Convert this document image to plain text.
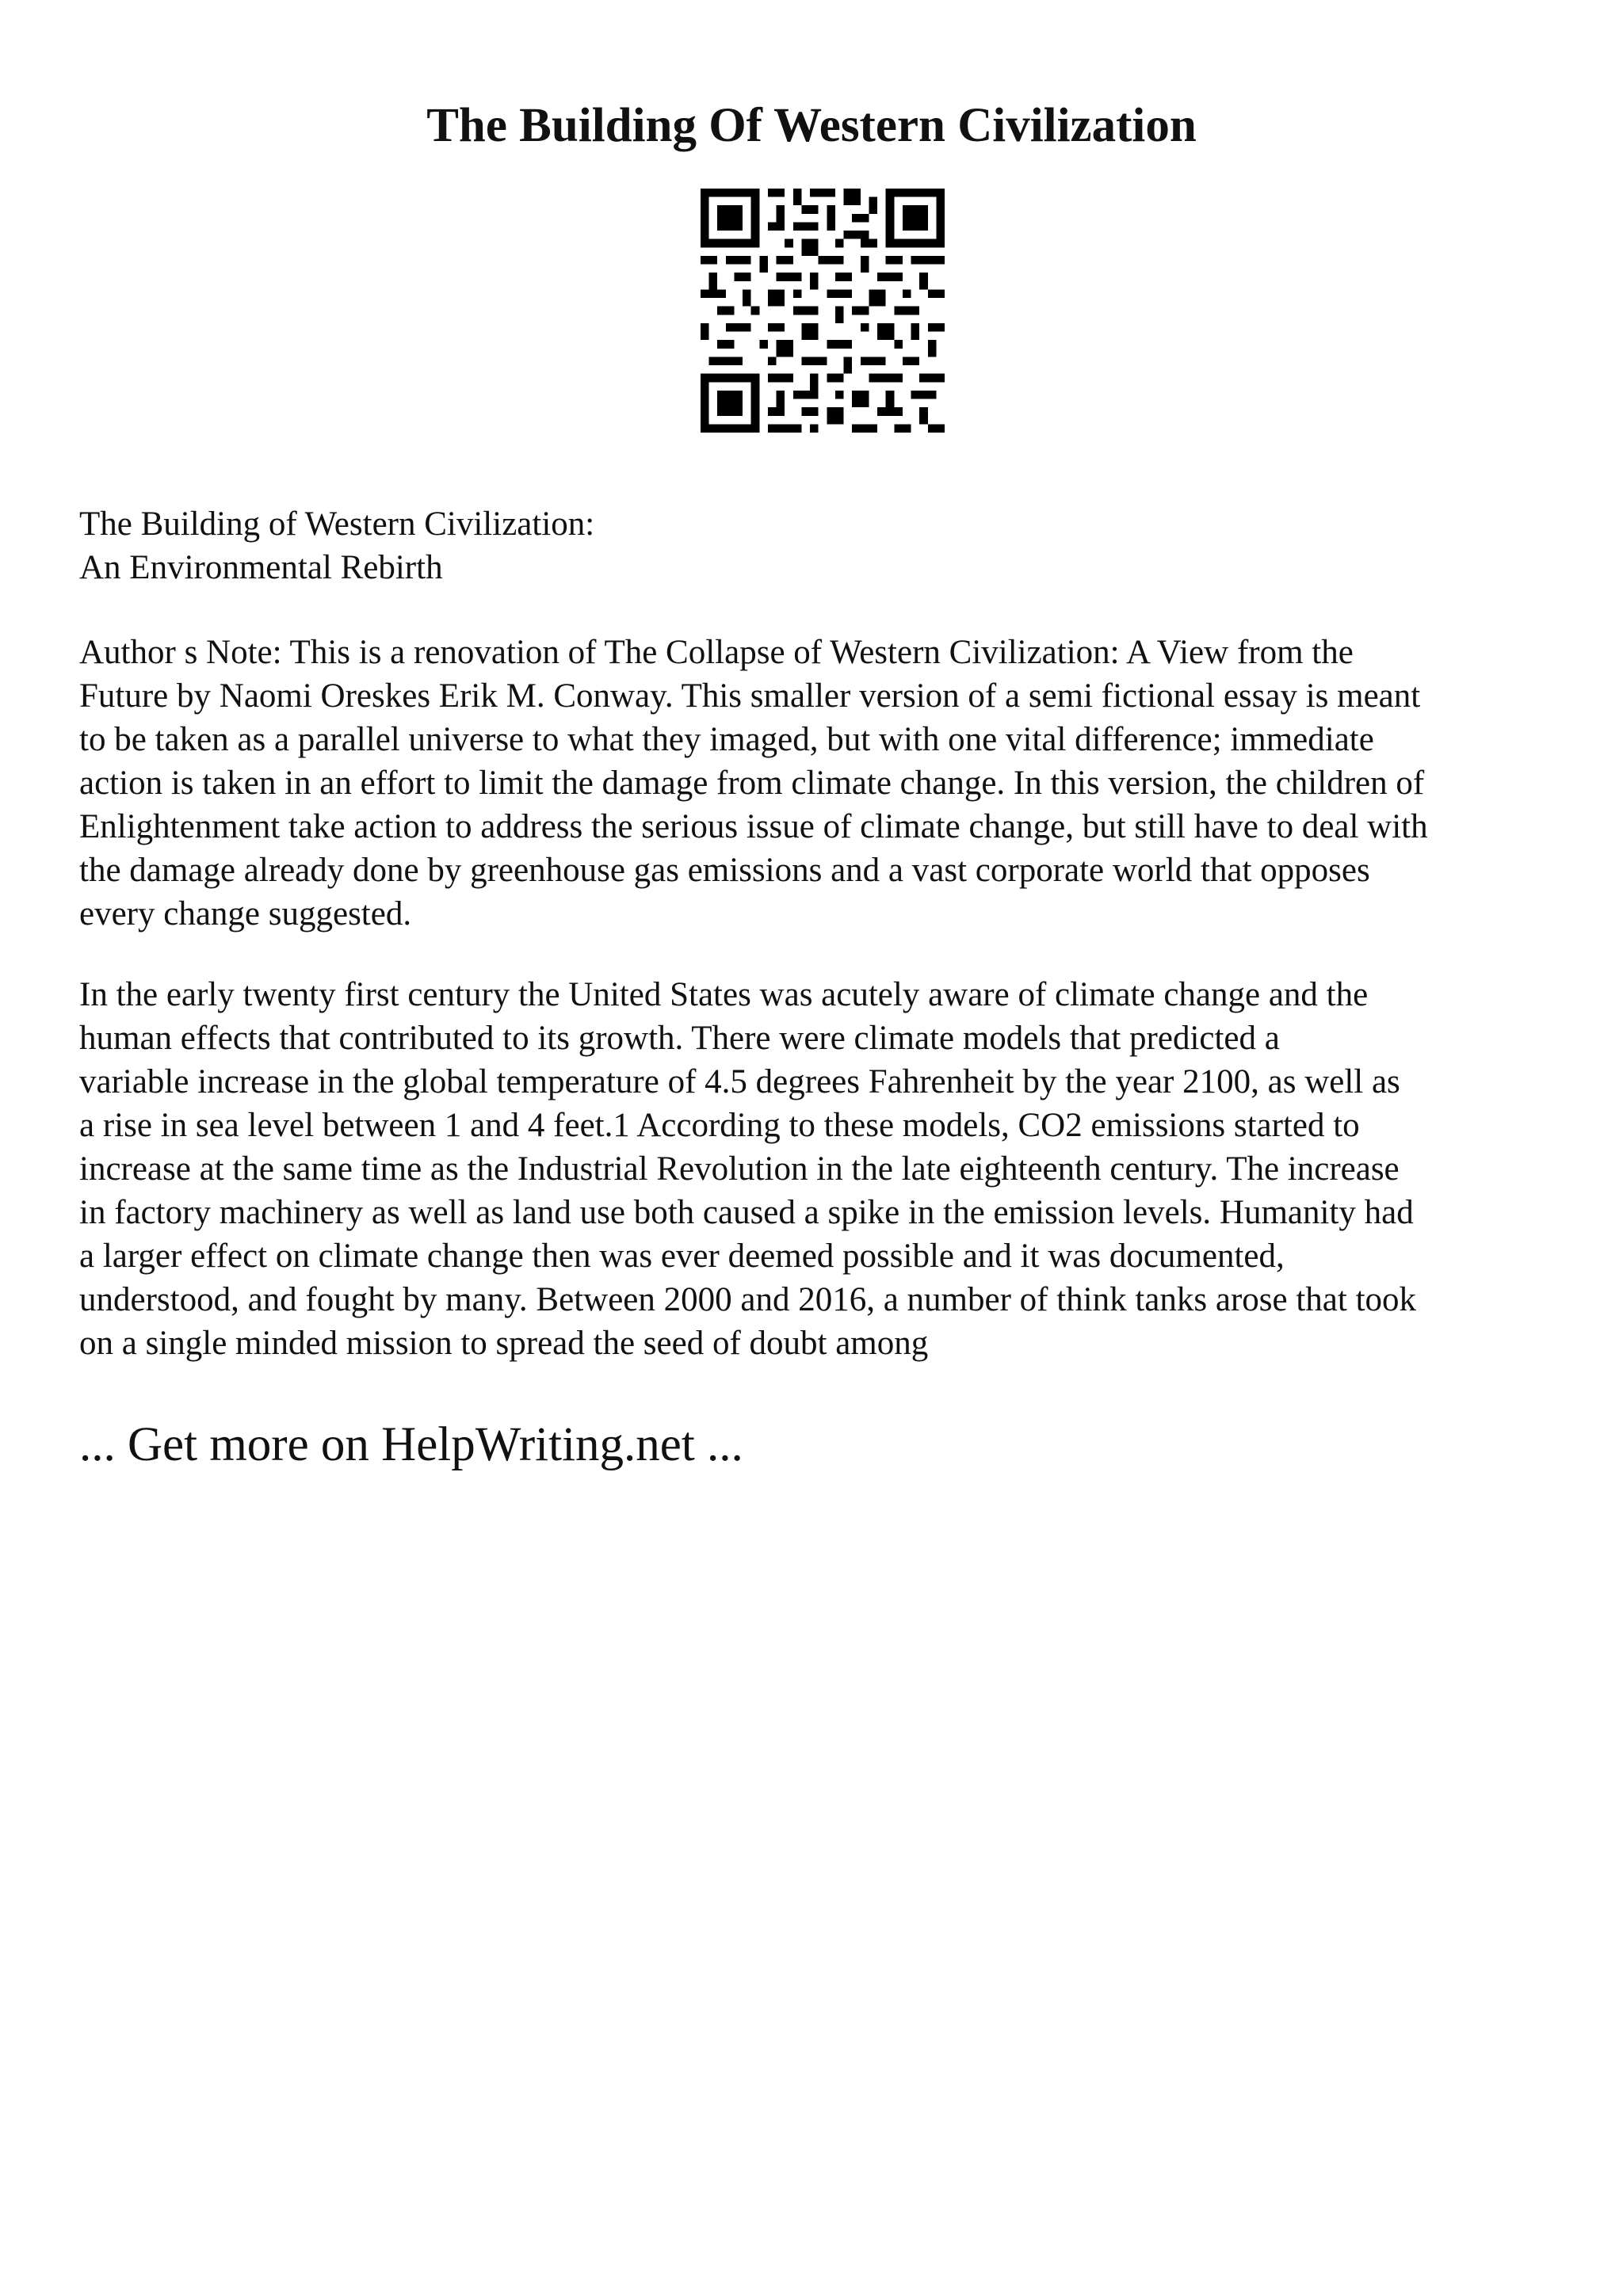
The Building Of Western Civilization

The Building of Western Civilization:
An Environmental Rebirth

Author s Note: This is a renovation of The Collapse of Western Civilization: A View from the
Future by Naomi Oreskes Erik M. Conway. This smaller version of a semi fictional essay is meant
to be taken as a parallel universe to what they imaged, but with one vital difference; immediate
action is taken in an effort to limit the damage from climate change. In this version, the children of
Enlightenment take action to address the serious issue of climate change, but still have to deal with
the damage already done by greenhouse gas emissions and a vast corporate world that opposes
every change suggested.

In the early twenty first century the United States was acutely aware of climate change and the
human effects that contributed to its growth. There were climate models that predicted a
variable increase in the global temperature of 4.5 degrees Fahrenheit by the year 2100, as well as
a rise in sea level between 1 and 4 feet.1 According to these models, CO2 emissions started to
increase at the same time as the Industrial Revolution in the late eighteenth century. The increase
in factory machinery as well as land use both caused a spike in the emission levels. Humanity had
a larger effect on climate change then was ever deemed possible and it was documented,
understood, and fought by many. Between 2000 and 2016, a number of think tanks arose that took
on a single minded mission to spread the seed of doubt among

... Get more on HelpWriting.net ...
